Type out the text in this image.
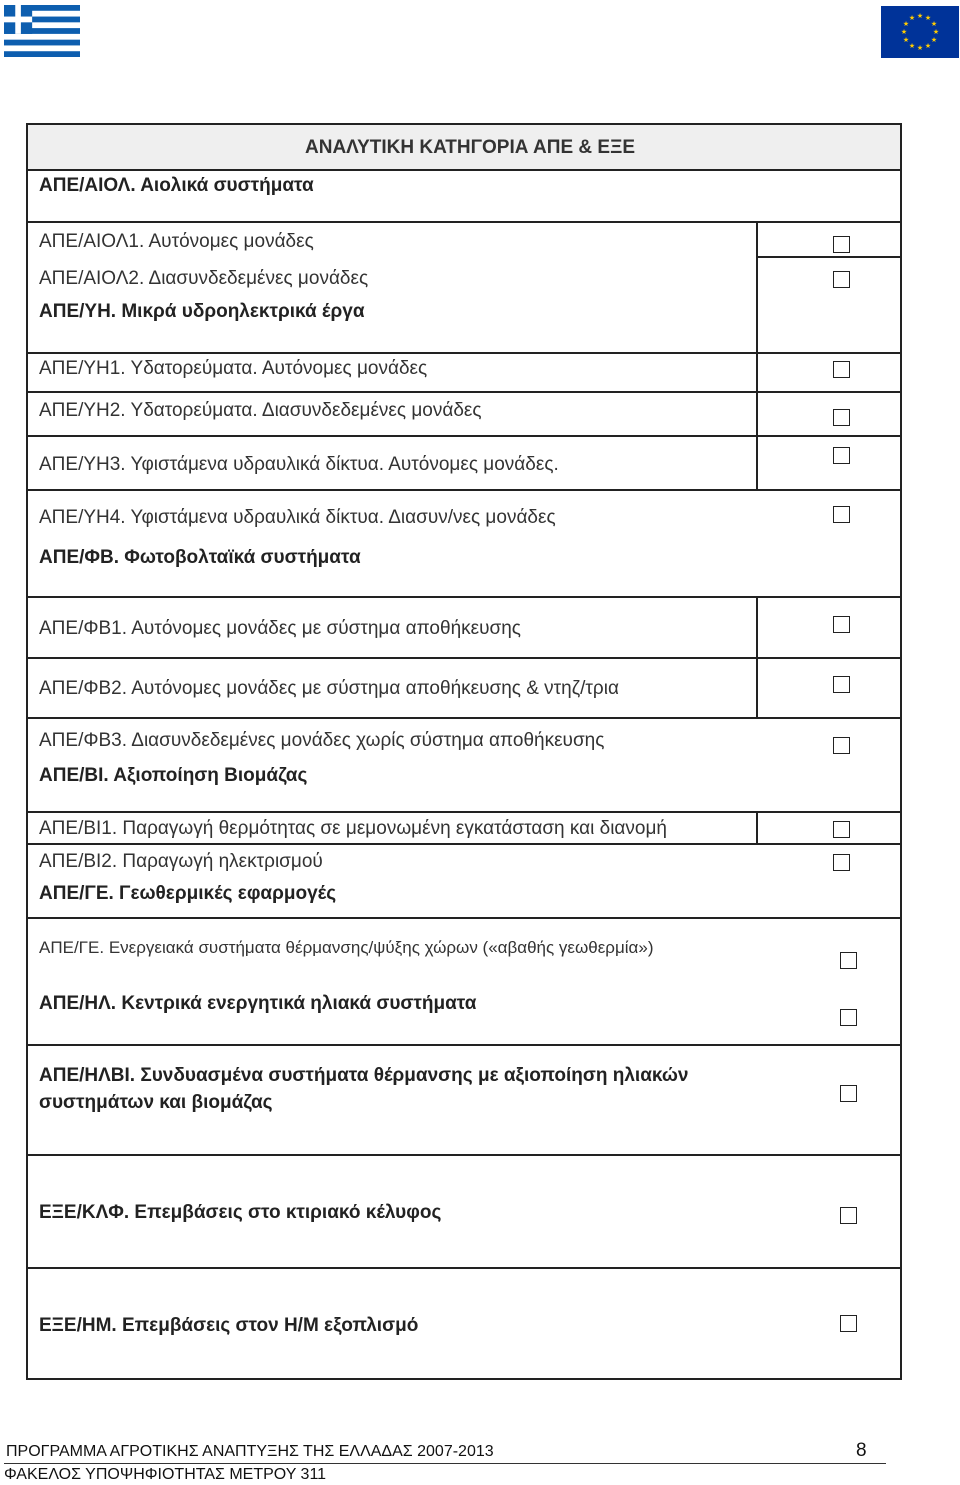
★ ★
★
★
★
★
★
★
★
★
★
★
ΑΝΑΛΥΤΙΚΗ ΚΑΤΗΓΟΡΙΑ ΑΠΕ & ΕΞΕ
ΑΠΕ/ΑΙΟΛ. Αιολικά συστήματα
ΑΠΕ/ΑΙΟΛ1. Αυτόνομες μονάδες
ΑΠΕ/ΑΙΟΛ2. Διασυνδεδεμένες μονάδες
ΑΠΕ/ΥΗ. Μικρά υδροηλεκτρικά έργα
ΑΠΕ/ΥΗ1. Υδατορεύματα. Αυτόνομες μονάδες
ΑΠΕ/ΥΗ2. Υδατορεύματα. Διασυνδεδεμένες μονάδες
ΑΠΕ/ΥΗ3. Υφιστάμενα υδραυλικά δίκτυα. Αυτόνομες μονάδες.
ΑΠΕ/ΥΗ4. Υφιστάμενα υδραυλικά δίκτυα. Διασυν/νες μονάδες
ΑΠΕ/ΦΒ. Φωτοβολταϊκά συστήματα
ΑΠΕ/ΦΒ1. Αυτόνομες μονάδες με σύστημα αποθήκευσης
ΑΠΕ/ΦΒ2. Αυτόνομες μονάδες με σύστημα αποθήκευσης & ντηζ/τρια
ΑΠΕ/ΦΒ3. Διασυνδεδεμένες μονάδες χωρίς σύστημα αποθήκευσης
ΑΠΕ/ΒΙ. Αξιοποίηση Βιομάζας
ΑΠΕ/ΒΙ1. Παραγωγή θερμότητας σε μεμονωμένη εγκατάσταση και διανομή
ΑΠΕ/ΒΙ2. Παραγωγή ηλεκτρισμού
ΑΠΕ/ΓΕ. Γεωθερμικές εφαρμογές
ΑΠΕ/ΓΕ. Ενεργειακά συστήματα θέρμανσης/ψύξης χώρων («αβαθής γεωθερμία»)
ΑΠΕ/ΗΛ. Κεντρικά ενεργητικά ηλιακά συστήματα
ΑΠΕ/ΗΛΒΙ. Συνδυασμένα συστήματα θέρμανσης με αξιοποίηση ηλιακών
συστημάτων και βιομάζας
ΕΞΕ/ΚΛΦ. Επεμβάσεις στο κτιριακό κέλυφος
ΕΞΕ/ΗΜ. Επεμβάσεις στον Η/Μ εξοπλισμό
ΠΡΟΓΡΑΜΜΑ ΑΓΡΟΤΙΚΗΣ ΑΝΑΠΤΥΞΗΣ ΤΗΣ ΕΛΛΑΔΑΣ 2007-2013	8
ΦΑΚΕΛΟΣ ΥΠΟΨΗΦΙΟΤΗΤΑΣ ΜΕΤΡΟΥ 311
